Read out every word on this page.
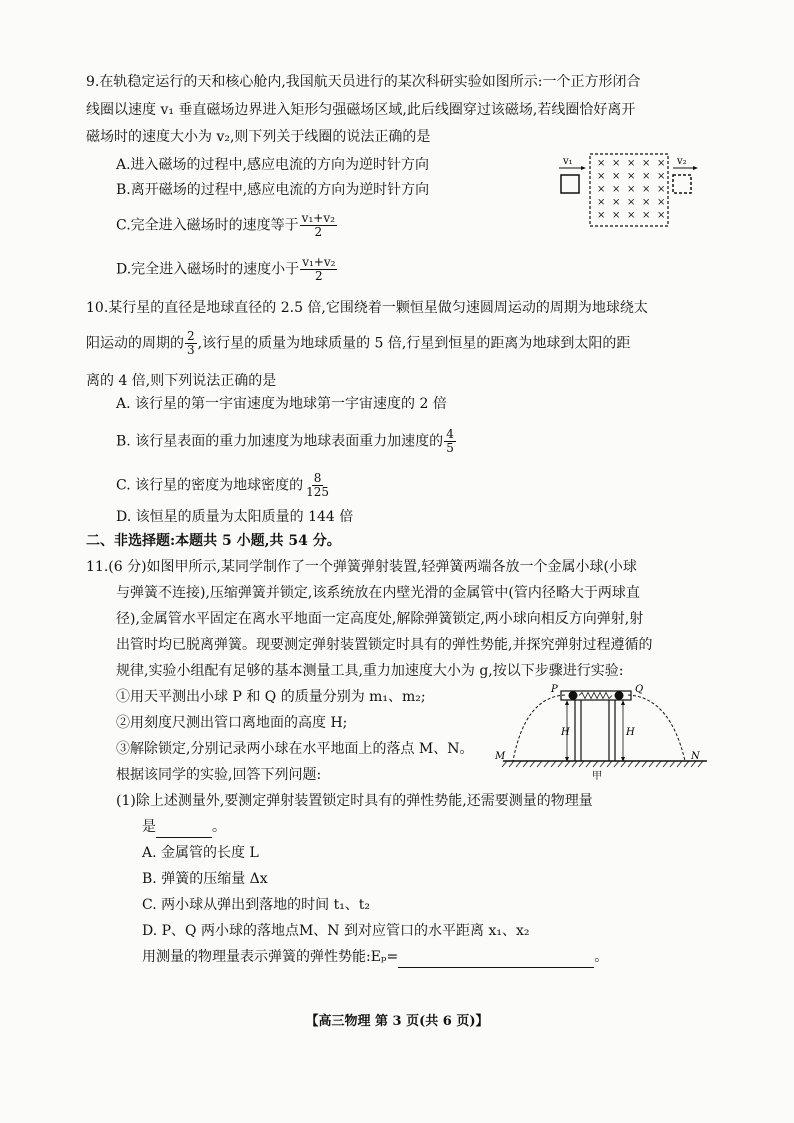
9.在轨稳定运行的天和核心舱内,我国航天员进行的某次科研实验如图所示:一个正方形闭合
线圈以速度 v₁ 垂直磁场边界进入矩形匀强磁场区域,此后线圈穿过该磁场,若线圈恰好离开
磁场时的速度大小为 v₂,则下列关于线圈的说法正确的是
A.进入磁场的过程中,感应电流的方向为逆时针方向
B.离开磁场的过程中,感应电流的方向为逆时针方向
C.完全进入磁场时的速度等于 $\frac{\text{v₁+v₂}}{2}$
D.完全进入磁场时的速度小于 $\frac{\text{v₁+v₂}}{2}$
v₁ × × × × ×
× × × × ×
× × × × ×
× × × × ×
× × × × ×
v₂
10.某行星的直径是地球直径的 2.5 倍,它围绕着一颗恒星做匀速圆周运动的周期为地球绕太
阳运动的周期的 $\frac{2}{3}$ ,该行星的质量为地球质量的 5 倍,行星到恒星的距离为地球到太阳的距
离的 4 倍,则下列说法正确的是
A. 该行星的第一宇宙速度为地球第一宇宙速度的 2 倍
B. 该行星表面的重力加速度为地球表面重力加速度的 $\frac{4}{5}$
C. 该行星的密度为地球密度的 $\frac{8}{125}$
D. 该恒星的质量为太阳质量的 144 倍
二、非选择题:本题共 5 小题,共 54 分。
11.(6 分)如图甲所示,某同学制作了一个弹簧弹射装置,轻弹簧两端各放一个金属小球(小球
与弹簧不连接),压缩弹簧并锁定,该系统放在内壁光滑的金属管中(管内径略大于两球直
径),金属管水平固定在离水平地面一定高度处,解除弹簧锁定,两小球向相反方向弹射,射
出管时均已脱离弹簧。现要测定弹射装置锁定时具有的弹性势能,并探究弹射过程遵循的
规律,实验小组配有足够的基本测量工具,重力加速度大小为 g,按以下步骤进行实验:
①用天平测出小球 P 和 Q 的质量分别为 m₁、m₂;
②用刻度尺测出管口离地面的高度 H;
③解除锁定,分别记录两小球在水平地面上的落点 M、N。
根据该同学的实验,回答下列问题:
(1)除上述测量外,要测定弹射装置锁定时具有的弹性势能,还需要测量的物理量
是	。
A. 金属管的长度 L
B. 弹簧的压缩量 Δx
C. 两小球从弹出到落地的时间 t₁、t₂
D. P、Q 两小球的落地点M、N 到对应管口的水平距离 x₁、x₂
用测量的物理量表示弹簧的弹性势能:Eₚ=	。
H	H
P	Q
M	N
甲
【高三物理 第 3 页(共 6 页)】
